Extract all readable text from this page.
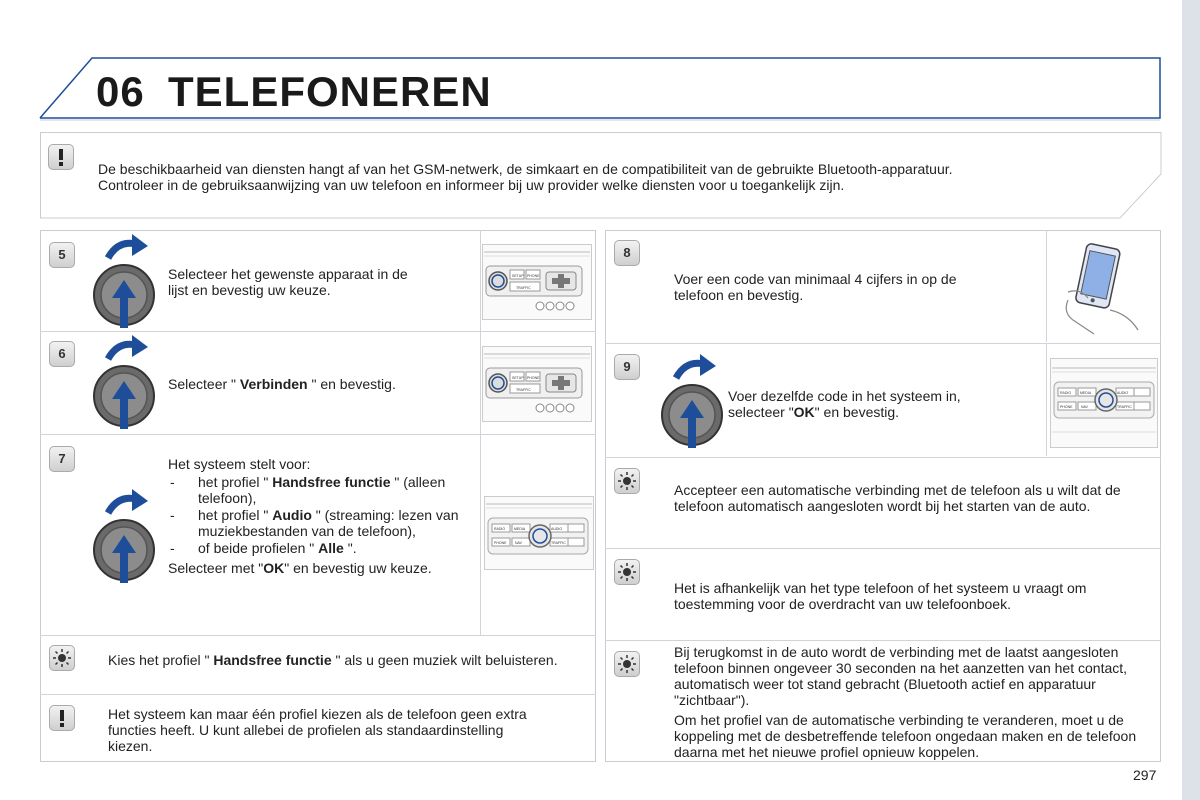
06 TELEFONEREN
De beschikbaarheid van diensten hangt af van het GSM-netwerk, de simkaart en de compatibiliteit van de gebruikte Bluetooth-apparatuur.
Controleer in de gebruiksaanwijzing van uw telefoon en informeer bij uw provider welke diensten voor u toegankelijk zijn.
5
Selecteer het gewenste apparaat in de
lijst en bevestig uw keuze.
SETUP PHONE
TRAFFIC
6
Selecteer " Verbinden " en bevestig.	SETUP PHONE
TRAFFIC
7	Het systeem stelt voor:
- het profiel " Handsfree functie " (alleen telefoon),
- het profiel " Audio " (streaming: lezen van muziekbestanden van de telefoon),
- of beide profielen " Alle ".
Selecteer met "OK" en bevestig uw keuze.
RADIO	MEDIA
PHONE NAV
AUDIO
TRAFFIC
Kies het profiel " Handsfree functie " als u geen muziek wilt beluisteren.
Het systeem kan maar één profiel kiezen als de telefoon geen extra functies heeft. U kunt allebei de profielen als standaardinstelling kiezen.
8
Voer een code van minimaal 4 cijfers in op de
telefoon en bevestig.
9
Voer dezelfde code in het systeem in,
selecteer "OK" en bevestig.
RADIO	MEDIA
PHONE NAV
AUDIO
TRAFFIC
Accepteer een automatische verbinding met de telefoon als u wilt dat de telefoon automatisch aangesloten wordt bij het starten van de auto.
Het is afhankelijk van het type telefoon of het systeem u vraagt om toestemming voor de overdracht van uw telefoonboek.
Bij terugkomst in de auto wordt de verbinding met de laatst aangesloten telefoon binnen ongeveer 30 seconden na het aanzetten van het contact, automatisch weer tot stand gebracht (Bluetooth actief en apparatuur "zichtbaar").
Om het profiel van de automatische verbinding te veranderen, moet u de koppeling met de desbetreffende telefoon ongedaan maken en de telefoon daarna met het nieuwe profiel opnieuw koppelen.
297
